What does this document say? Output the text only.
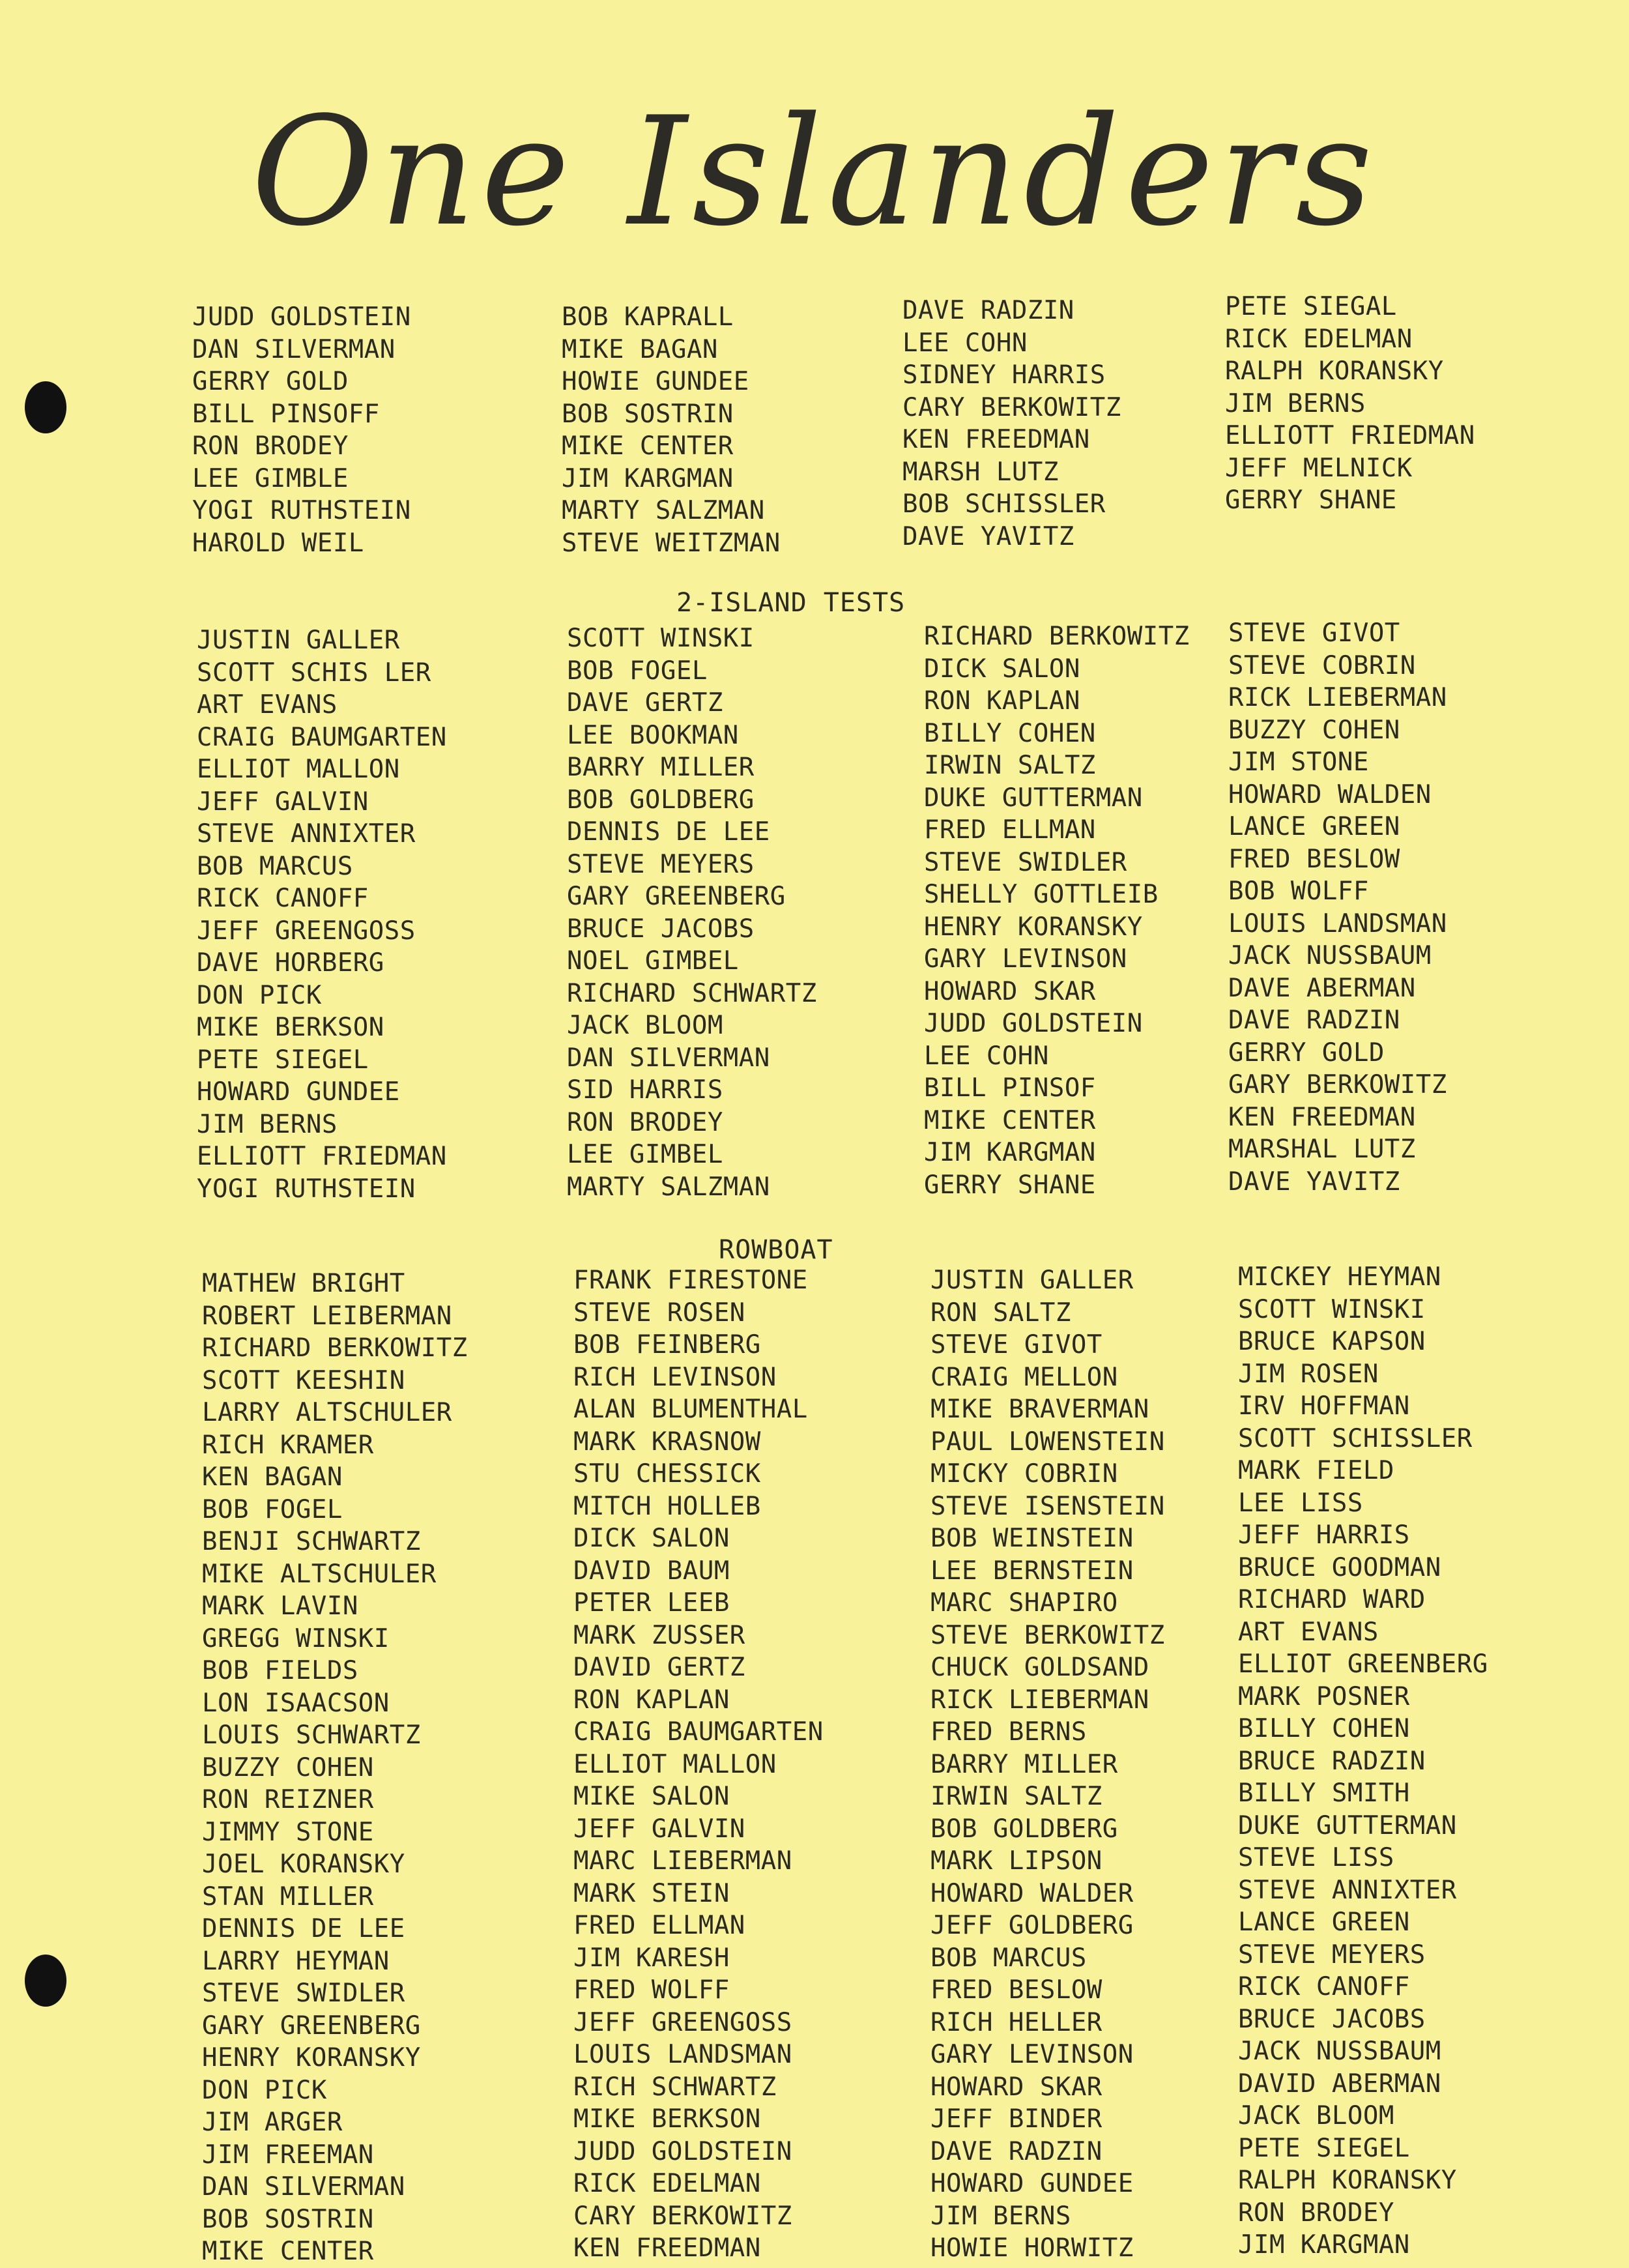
One Islanders
2-ISLAND TESTS
ROWBOAT
JUDD GOLDSTEIN
DAN SILVERMAN
GERRY GOLD
BILL PINSOFF
RON BRODEY
LEE GIMBLE
YOGI RUTHSTEIN
HAROLD WEIL
BOB KAPRALL
MIKE BAGAN
HOWIE GUNDEE
BOB SOSTRIN
MIKE CENTER
JIM KARGMAN
MARTY SALZMAN
STEVE WEITZMAN
DAVE RADZIN
LEE COHN
SIDNEY HARRIS
CARY BERKOWITZ
KEN FREEDMAN
MARSH LUTZ
BOB SCHISSLER
DAVE YAVITZ
PETE SIEGAL
RICK EDELMAN
RALPH KORANSKY
JIM BERNS
ELLIOTT FRIEDMAN
JEFF MELNICK
GERRY SHANE
JUSTIN GALLER
SCOTT SCHIS LER
ART EVANS
CRAIG BAUMGARTEN
ELLIOT MALLON
JEFF GALVIN
STEVE ANNIXTER
BOB MARCUS
RICK CANOFF
JEFF GREENGOSS
DAVE HORBERG
DON PICK
MIKE BERKSON
PETE SIEGEL
HOWARD GUNDEE
JIM BERNS
ELLIOTT FRIEDMAN
YOGI RUTHSTEIN
SCOTT WINSKI
BOB FOGEL
DAVE GERTZ
LEE BOOKMAN
BARRY MILLER
BOB GOLDBERG
DENNIS DE LEE
STEVE MEYERS
GARY GREENBERG
BRUCE JACOBS
NOEL GIMBEL
RICHARD SCHWARTZ
JACK BLOOM
DAN SILVERMAN
SID HARRIS
RON BRODEY
LEE GIMBEL
MARTY SALZMAN
RICHARD BERKOWITZ
DICK SALON
RON KAPLAN
BILLY COHEN
IRWIN SALTZ
DUKE GUTTERMAN
FRED ELLMAN
STEVE SWIDLER
SHELLY GOTTLEIB
HENRY KORANSKY
GARY LEVINSON
HOWARD SKAR
JUDD GOLDSTEIN
LEE COHN
BILL PINSOF
MIKE CENTER
JIM KARGMAN
GERRY SHANE
STEVE GIVOT
STEVE COBRIN
RICK LIEBERMAN
BUZZY COHEN
JIM STONE
HOWARD WALDEN
LANCE GREEN
FRED BESLOW
BOB WOLFF
LOUIS LANDSMAN
JACK NUSSBAUM
DAVE ABERMAN
DAVE RADZIN
GERRY GOLD
GARY BERKOWITZ
KEN FREEDMAN
MARSHAL LUTZ
DAVE YAVITZ
MATHEW BRIGHT
ROBERT LEIBERMAN
RICHARD BERKOWITZ
SCOTT KEESHIN
LARRY ALTSCHULER
RICH KRAMER
KEN BAGAN
BOB FOGEL
BENJI SCHWARTZ
MIKE ALTSCHULER
MARK LAVIN
GREGG WINSKI
BOB FIELDS
LON ISAACSON
LOUIS SCHWARTZ
BUZZY COHEN
RON REIZNER
JIMMY STONE
JOEL KORANSKY
STAN MILLER
DENNIS DE LEE
LARRY HEYMAN
STEVE SWIDLER
GARY GREENBERG
HENRY KORANSKY
DON PICK
JIM ARGER
JIM FREEMAN
DAN SILVERMAN
BOB SOSTRIN
MIKE CENTER
FRANK FIRESTONE
STEVE ROSEN
BOB FEINBERG
RICH LEVINSON
ALAN BLUMENTHAL
MARK KRASNOW
STU CHESSICK
MITCH HOLLEB
DICK SALON
DAVID BAUM
PETER LEEB
MARK ZUSSER
DAVID GERTZ
RON KAPLAN
CRAIG BAUMGARTEN
ELLIOT MALLON
MIKE SALON
JEFF GALVIN
MARC LIEBERMAN
MARK STEIN
FRED ELLMAN
JIM KARESH
FRED WOLFF
JEFF GREENGOSS
LOUIS LANDSMAN
RICH SCHWARTZ
MIKE BERKSON
JUDD GOLDSTEIN
RICK EDELMAN
CARY BERKOWITZ
KEN FREEDMAN
JUSTIN GALLER
RON SALTZ
STEVE GIVOT
CRAIG MELLON
MIKE BRAVERMAN
PAUL LOWENSTEIN
MICKY COBRIN
STEVE ISENSTEIN
BOB WEINSTEIN
LEE BERNSTEIN
MARC SHAPIRO
STEVE BERKOWITZ
CHUCK GOLDSAND
RICK LIEBERMAN
FRED BERNS
BARRY MILLER
IRWIN SALTZ
BOB GOLDBERG
MARK LIPSON
HOWARD WALDER
JEFF GOLDBERG
BOB MARCUS
FRED BESLOW
RICH HELLER
GARY LEVINSON
HOWARD SKAR
JEFF BINDER
DAVE RADZIN
HOWARD GUNDEE
JIM BERNS
HOWIE HORWITZ
MICKEY HEYMAN
SCOTT WINSKI
BRUCE KAPSON
JIM ROSEN
IRV HOFFMAN
SCOTT SCHISSLER
MARK FIELD
LEE LISS
JEFF HARRIS
BRUCE GOODMAN
RICHARD WARD
ART EVANS
ELLIOT GREENBERG
MARK POSNER
BILLY COHEN
BRUCE RADZIN
BILLY SMITH
DUKE GUTTERMAN
STEVE LISS
STEVE ANNIXTER
LANCE GREEN
STEVE MEYERS
RICK CANOFF
BRUCE JACOBS
JACK NUSSBAUM
DAVID ABERMAN
JACK BLOOM
PETE SIEGEL
RALPH KORANSKY
RON BRODEY
JIM KARGMAN
